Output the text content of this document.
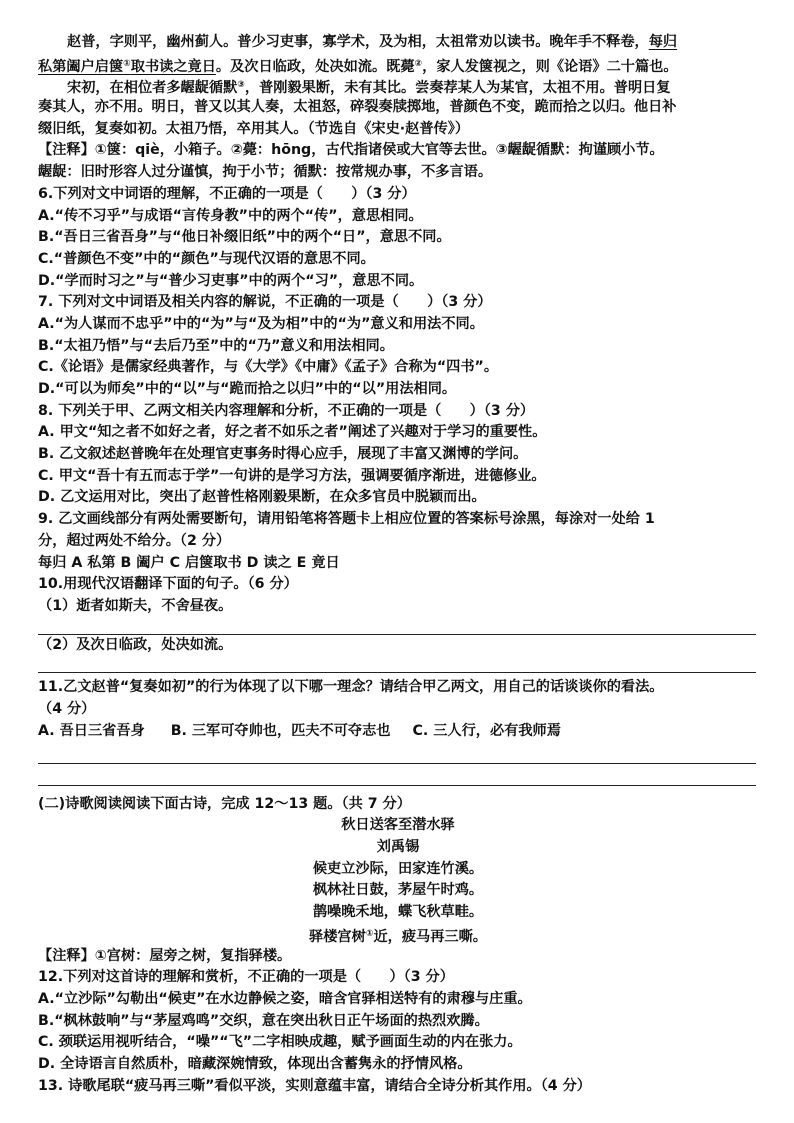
赵普，字则平，幽州蓟人。普少习吏事，寡学术，及为相，太祖常劝以读书。晚年手不释卷，每归
私第阖户启箧①取书读之竟日。及次日临政，处决如流。既薨②，家人发箧视之，则《论语》二十篇也。
宋初，在相位者多龌龊循默③，普刚毅果断，未有其比。尝奏荐某人为某官，太祖不用。普明日复
奏其人，亦不用。明日，普又以其人奏，太祖怒，碎裂奏牍掷地，普颜色不变，跪而拾之以归。他日补
缀旧纸，复奏如初。太祖乃悟，卒用其人。（节选自《宋史·赵普传》）
【注释】①箧：qiè，小箱子。②薨：hōng，古代指诸侯或大官等去世。③龌龊循默：拘谨顾小节。
龌龊：旧时形容人过分谨慎，拘于小节；循默：按常规办事，不多言语。
6.下列对文中词语的理解，不正确的一项是（　　）（3 分）
A.“传不习乎”与成语“言传身教”中的两个“传”，意思相同。
B.“吾日三省吾身”与“他日补缀旧纸”中的两个“日”，意思不同。
C.“普颜色不变”中的“颜色”与现代汉语的意思不同。
D.“学而时习之”与“普少习吏事”中的两个“习”，意思不同。
7. 下列对文中词语及相关内容的解说，不正确的一项是（　　）（3 分）
A.“为人谋而不忠乎”中的“为”与“及为相”中的“为”意义和用法不同。
B.“太祖乃悟”与“去后乃至”中的“乃”意义和用法相同。
C.《论语》是儒家经典著作，与《大学》《中庸》《孟子》合称为“四书”。
D.“可以为师矣”中的“以”与“跪而拾之以归”中的“以”用法相同。
8. 下列关于甲、乙两文相关内容理解和分析，不正确的一项是（　　）（3 分）
A. 甲文“知之者不如好之者，好之者不如乐之者”阐述了兴趣对于学习的重要性。
B. 乙文叙述赵普晚年在处理官吏事务时得心应手，展现了丰富又渊博的学问。
C. 甲文“吾十有五而志于学”一句讲的是学习方法，强调要循序渐进，进德修业。
D. 乙文运用对比，突出了赵普性格刚毅果断，在众多官员中脱颖而出。
9. 乙文画线部分有两处需要断句，请用铅笔将答题卡上相应位置的答案标号涂黑，每涂对一处给 1
分，超过两处不给分。（2 分）
每归 A 私第 B 阖户 C 启箧取书 D 读之 E 竟日
10.用现代汉语翻译下面的句子。（6 分）
（1）逝者如斯夫，不舍昼夜。
（2）及次日临政，处决如流。
11.乙文赵普“复奏如初”的行为体现了以下哪一理念？请结合甲乙两文，用自己的话谈谈你的看法。
（4 分）
A. 吾日三省吾身 B. 三军可夺帅也，匹夫不可夺志也 C. 三人行，必有我师焉
(二)诗歌阅读阅读下面古诗，完成 12～13 题。（共 7 分）
秋日送客至潜水驿
刘禹锡
候吏立沙际，田家连竹溪。
枫林社日鼓，茅屋午时鸡。
鹊噪晚禾地，蝶飞秋草畦。
驿楼宫树①近，疲马再三嘶。
【注释】①宫树：屋旁之树，复指驿楼。
12.下列对这首诗的理解和赏析，不正确的一项是（　　）（3 分）
A.“立沙际”勾勒出“候吏”在水边静候之姿，暗含官驿相送特有的肃穆与庄重。
B.“枫林鼓响”与“茅屋鸡鸣”交织，意在突出秋日正午场面的热烈欢腾。
C. 颈联运用视听结合，“噪”“飞”二字相映成趣，赋予画面生动的内在张力。
D. 全诗语言自然质朴，暗藏深婉情致，体现出含蓄隽永的抒情风格。
13. 诗歌尾联“疲马再三嘶”看似平淡，实则意蕴丰富，请结合全诗分析其作用。（4 分）
